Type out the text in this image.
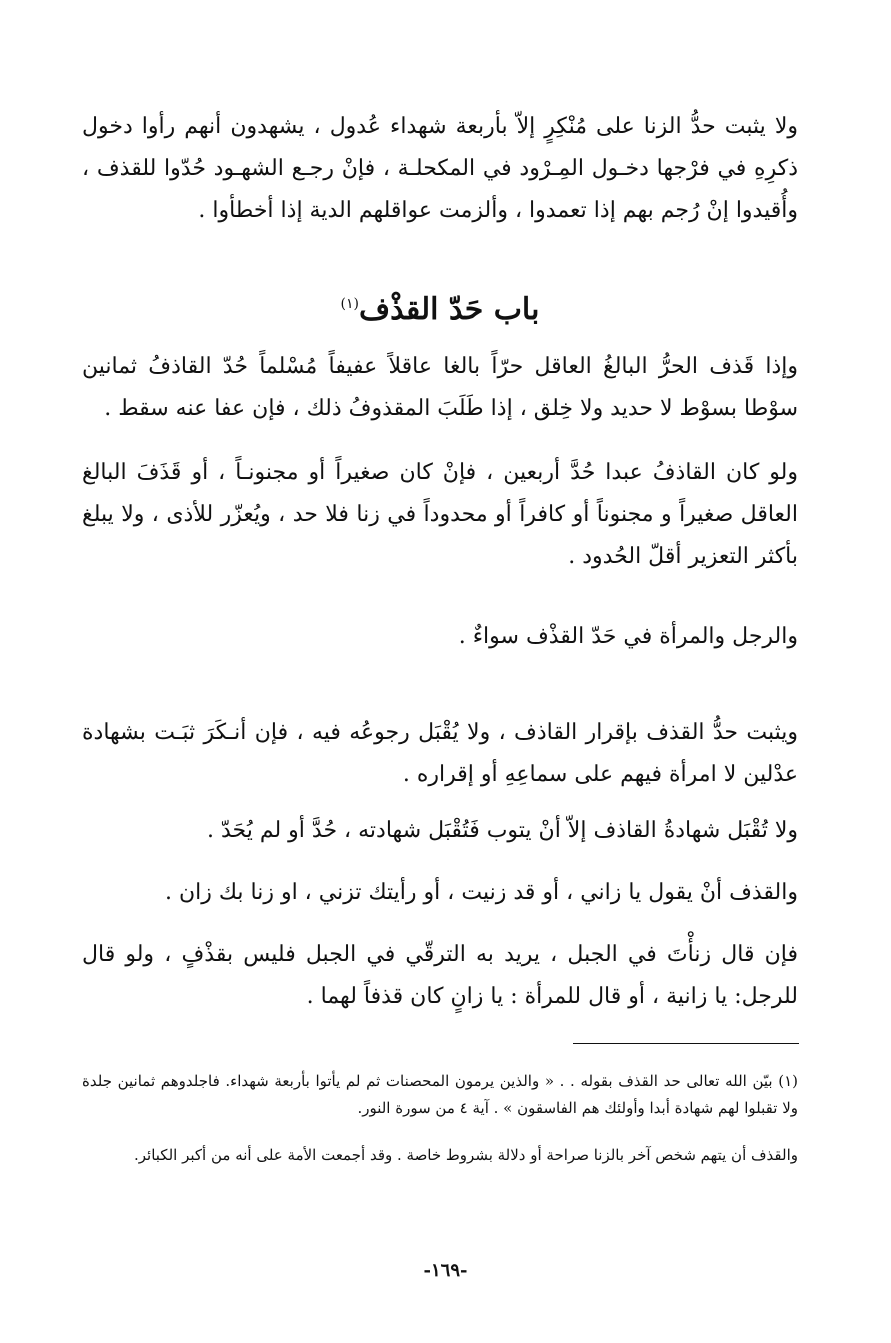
ولا يثبت حدُّ الزنا على مُنْكِرٍ إلاّ بأربعة شهداء عُدول ، يشهدون أنهم رأوا دخول ذكرِهِ في فرْجها دخـول المِـرْود في المكحلـة ، فإنْ رجـع الشهـود حُدّوا للقذف ، وأُقيدوا إنْ رُجم بهم إذا تعمدوا ، وألزمت عواقلهم الدية إذا أخطأوا .

باب حَدّ القذْف$^{(١)}$

وإذا قَذف الحرُّ البالغُ العاقل حرّاً بالغا عاقلاً عفيفاً مُسْلماً حُدّ القاذفُ ثمانين سوْطا بسوْط لا حديد ولا خِلق ، إذا طَلَبَ المقذوفُ ذلك ، فإن عفا عنه سقط .

ولو كان القاذفُ عبدا حُدَّ أربعين ، فإنْ كان صغيراً أو مجنونـاً ، أو قَذَفَ البالغ العاقل صغيراً و مجنوناً أو كافراً أو محدوداً في زنا فلا حد ، ويُعزّر للأذى ، ولا يبلغ بأكثر التعزير أقلّ الحُدود .

والرجل والمرأة في حَدّ القذْف سواءٌ .

ويثبت حدُّ القذف بإقرار القاذف ، ولا يُقْبَل رجوعُه فيه ، فإن أنـكَرَ ثبَـت بشهادة عدْلين لا امرأة فيهم على سماعِهِ أو إقراره .

ولا تُقْبَل شهادةُ القاذف إلاّ أنْ يتوب فَتُقْبَل شهادته ، حُدَّ أو لم يُحَدّ .

والقذف أنْ يقول يا زاني ، أو قد زنيت ، أو رأيتك تزني ، او زنا بك زان .

فإن قال زنأْتَ في الجبل ، يريد به الترقّي في الجبل فليس بقذْفٍ ، ولو قال للرجل: يا زانية ، أو قال للمرأة : يا زانٍ كان قذفاً لهما .

(١) بيّن الله تعالى حد القذف بقوله . . « والذين يرمون المحصنات ثم لم يأتوا بأربعة شهداء. فاجلدوهم ثمانين جلدة ولا تقبلوا لهم شهادة أبدا وأولئك هم الفاسقون » . آية ٤ من سورة النور.

والقذف أن يتهم شخص آخر بالزنا صراحة أو دلالة بشروط خاصة . وقد أجمعت الأمة على أنه من أكبر الكبائر.

-١٦٩-
